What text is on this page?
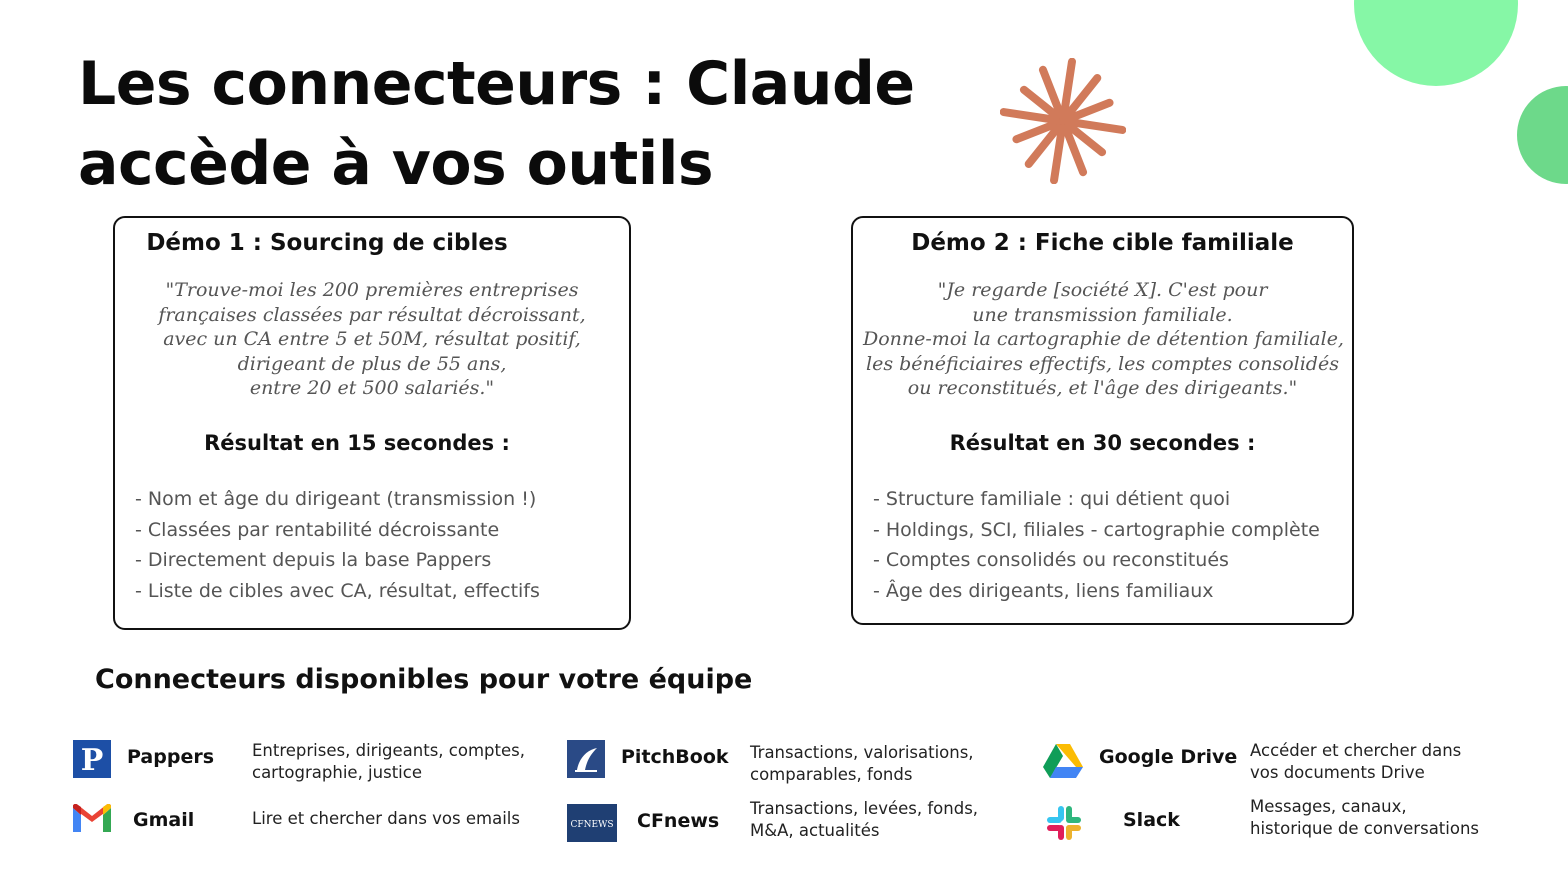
Les connecteurs : Claude
accède à vos outils
Démo 1 : Sourcing de cibles
"Trouve-moi les 200 premières entreprises
françaises classées par résultat décroissant,
avec un CA entre 5 et 50M, résultat positif,
dirigeant de plus de 55 ans,
entre 20 et 500 salariés."
Résultat en 15 secondes :
- Nom et âge du dirigeant (transmission !)
- Classées par rentabilité décroissante
- Directement depuis la base Pappers
- Liste de cibles avec CA, résultat, effectifs
Démo 2 : Fiche cible familiale
"Je regarde [société X]. C'est pour
une transmission familiale.
Donne-moi la cartographie de détention familiale,
les bénéficiaires effectifs, les comptes consolidés
ou reconstitués, et l'âge des dirigeants."
Résultat en 30 secondes :
- Structure familiale : qui détient quoi
- Holdings, SCI, filiales - cartographie complète
- Comptes consolidés ou reconstitués
- Âge des dirigeants, liens familiaux
Connecteurs disponibles pour votre équipe
P Pappers Entreprises, dirigeants, comptes,
cartographie, justice
PitchBook Transactions, valorisations,
comparables, fonds
Google Drive Accéder et chercher dans
vos documents Drive
Gmail	Lire et chercher dans vos emails	CFNEWS CFnews
Transactions, levées, fonds,
M&A, actualités	Slack
Messages, canaux,
historique de conversations
